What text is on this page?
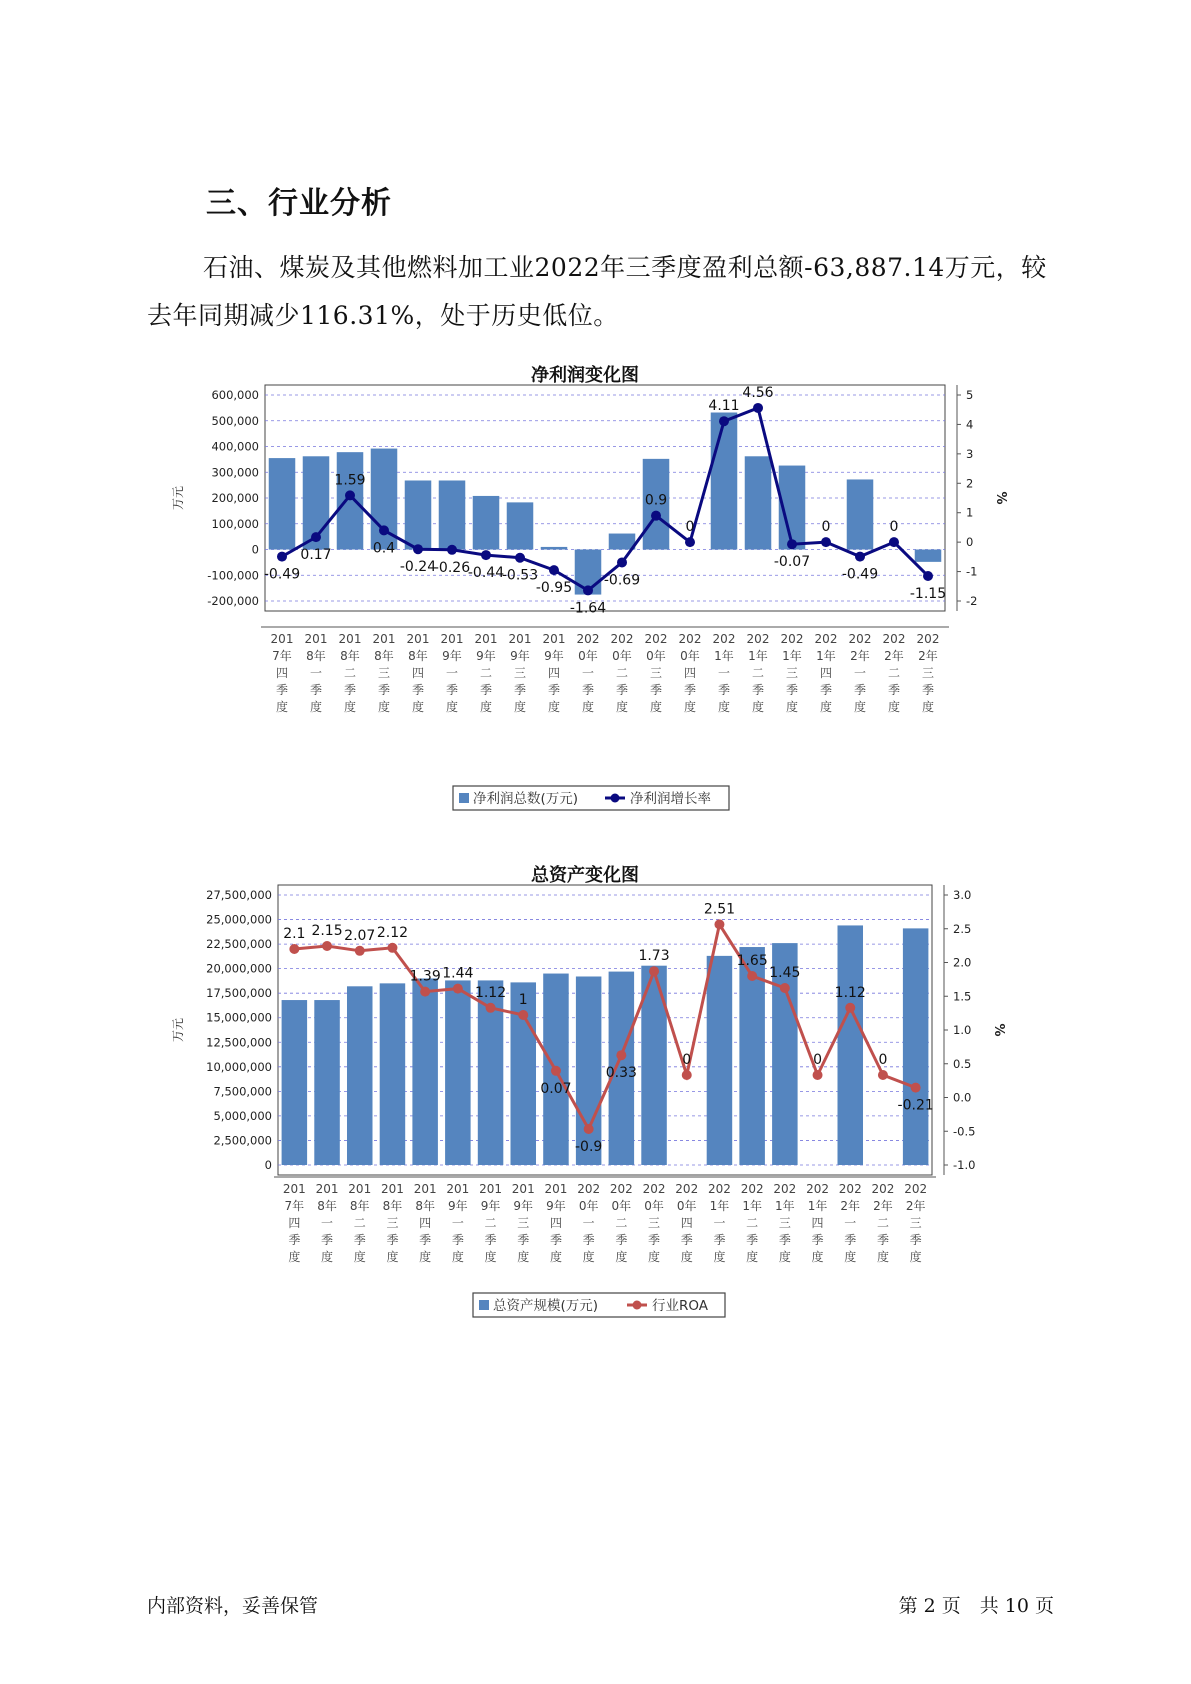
三、行业分析
石油、煤炭及其他燃料加工业2022年三季度盈利总额-63,887.14万元，较去年同期减少116.31%，处于历史低位。
净利润变化图
600,000
500,000
400,000
300,000
200,000
100,000
0
-100,000
-200,000
万元
5
4
3
2
1
0
-1
-2
%
-0.49
0.17
1.59
0.4
-0.24
-0.26
-0.44
-0.53
-0.95
-1.64
-0.69
0.9
0
4.11
4.56
-0.07
0
-0.49
0
-1.15
201 201 201 201 201 201 201 201 201 202 202 202 202 202 202 202 202 202 202 202
7年 8年 8年 8年 8年 9年 9年 9年 9年 0年 0年 0年 0年 1年 1年 1年 1年 2年 2年 2年
四 一 二 三 四 一 二 三 四 一 二 三 四 一 二 三 四 一 二 三
季 季 季 季 季 季 季 季 季 季 季 季 季 季 季 季 季 季 季 季
度 度 度 度 度 度 度 度 度 度 度 度 度 度 度 度 度 度 度 度
净利润总数(万元)	净利润增长率
总资产变化图
27,500,000
25,000,000
22,500,000
20,000,000
17,500,000
15,000,000
12,500,000
10,000,000
7,500,000
5,000,000
2,500,000
0
万元
3.0
2.5
2.0
1.5
1.0
0.5
0.0
-0.5
-1.0
%
2.1 2.15 2.07 2.12
1.39 1.44
1.12 1
0.07
-0.9
0.33
1.73
0
2.51
1.65
1.45
0
1.12
0
-0.21
201 201 201 201 201 201 201 201 201 202 202 202 202 202 202 202 202 202 202 202
7年 8年 8年 8年 8年 9年 9年 9年 9年 0年 0年 0年 0年 1年 1年 1年 1年 2年 2年 2年
四 一 二 三 四 一 二 三 四 一 二 三 四 一 二 三 四 一 二 三
季 季 季 季 季 季 季 季 季 季 季 季 季 季 季 季 季 季 季 季
度 度 度 度 度 度 度 度 度 度 度 度 度 度 度 度 度 度 度 度
总资产规模(万元)	行业ROA
内部资料，妥善保管	第 2 页　共 10 页
